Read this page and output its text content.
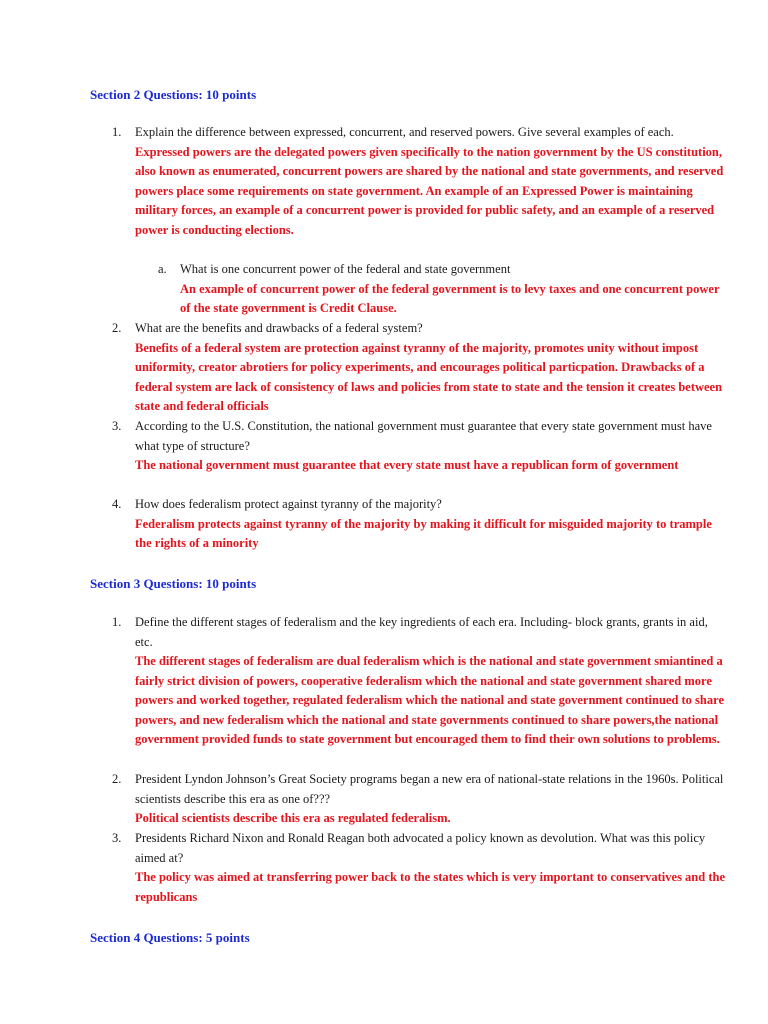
Section 2 Questions: 10 points
1. Explain the difference between expressed, concurrent, and reserved powers. Give several examples of each.
Expressed powers are the delegated powers given specifically to the nation government by the US constitution, also known as enumerated, concurrent powers are shared by the national and state governments, and reserved powers place some requirements on state government. An example of an Expressed Power is maintaining military forces, an example of a concurrent power is provided for public safety, and an example of a reserved power is conducting elections.
a. What is one concurrent power of the federal and state government
An example of concurrent power of the federal government is to levy taxes and one concurrent power of the state government is Credit Clause.
2. What are the benefits and drawbacks of a federal system?
Benefits of a federal system are protection against tyranny of the majority, promotes unity without impost uniformity, creator abrotiers for policy experiments, and encourages political particpation. Drawbacks of a federal system are lack of consistency of laws and policies from state to state and the tension it creates between state and federal officials
3. According to the U.S. Constitution, the national government must guarantee that every state government must have what type of structure?
The national government must guarantee that every state must have a republican form of government
4. How does federalism protect against tyranny of the majority?
Federalism protects against tyranny of the majority by making it difficult for misguided majority to trample the rights of a minority
Section 3 Questions: 10 points
1. Define the different stages of federalism and the key ingredients of each era. Including- block grants, grants in aid, etc.
The different stages of federalism are dual federalism which is the national and state government smiantined a fairly strict division of powers, cooperative federalism which the national and state government shared more powers and worked together, regulated federalism which the national and state government continued to share powers, and new federalism which the national and state governments continued to share powers,the national government provided funds to state government but encouraged them to find their own solutions to problems.
2. President Lyndon Johnson’s Great Society programs began a new era of national-state relations in the 1960s. Political scientists describe this era as one of???
Political scientists describe this era as regulated federalism.
3. Presidents Richard Nixon and Ronald Reagan both advocated a policy known as devolution. What was this policy aimed at?
The policy was aimed at transferring power back to the states which is very important to conservatives and the republicans
Section 4 Questions: 5 points
